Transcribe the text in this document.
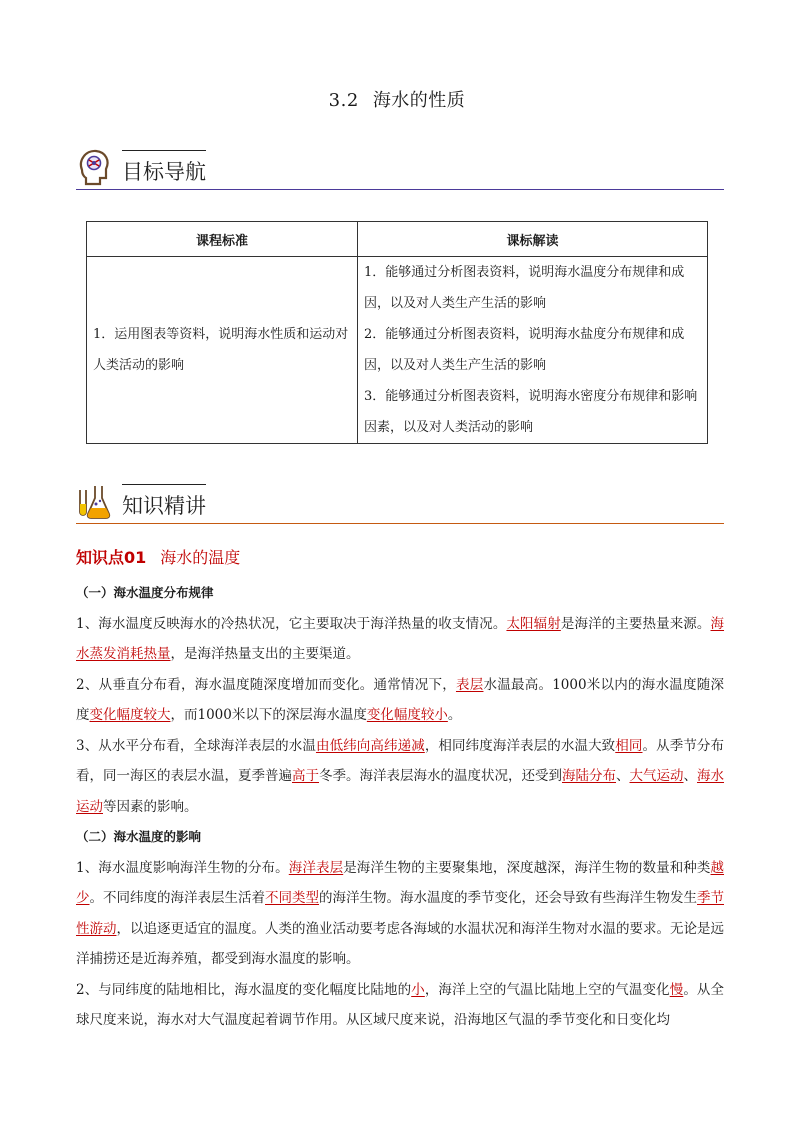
3.2 海水的性质
目标导航
课程标准	课标解读
1．运用图表等资料，说明海水性质和运动对人类活动的影响	1．能够通过分析图表资料，说明海水温度分布规律和成因，以及对人类生产生活的影响
2．能够通过分析图表资料，说明海水盐度分布规律和成因，以及对人类生产生活的影响
3．能够通过分析图表资料，说明海水密度分布规律和影响因素，以及对人类活动的影响
知识精讲
知识点01 海水的温度

（一）海水温度分布规律

1、海水温度反映海水的冷热状况，它主要取决于海洋热量的收支情况。太阳辐射是海洋的主要热量来源。海水蒸发消耗热量，是海洋热量支出的主要渠道。

2、从垂直分布看，海水温度随深度增加而变化。通常情况下，表层水温最高。1000米以内的海水温度随深度变化幅度较大，而1000米以下的深层海水温度变化幅度较小。

3、从水平分布看，全球海洋表层的水温由低纬向高纬递减，相同纬度海洋表层的水温大致相同。从季节分布看，同一海区的表层水温，夏季普遍高于冬季。海洋表层海水的温度状况，还受到海陆分布、大气运动、海水运动等因素的影响。

（二）海水温度的影响

1、海水温度影响海洋生物的分布。海洋表层是海洋生物的主要聚集地，深度越深，海洋生物的数量和种类越少。不同纬度的海洋表层生活着不同类型的海洋生物。海水温度的季节变化，还会导致有些海洋生物发生季节性游动，以追逐更适宜的温度。人类的渔业活动要考虑各海域的水温状况和海洋生物对水温的要求。无论是远洋捕捞还是近海养殖，都受到海水温度的影响。

2、与同纬度的陆地相比，海水温度的变化幅度比陆地的小，海洋上空的气温比陆地上空的气温变化慢。从全球尺度来说，海水对大气温度起着调节作用。从区域尺度来说，沿海地区气温的季节变化和日变化均
